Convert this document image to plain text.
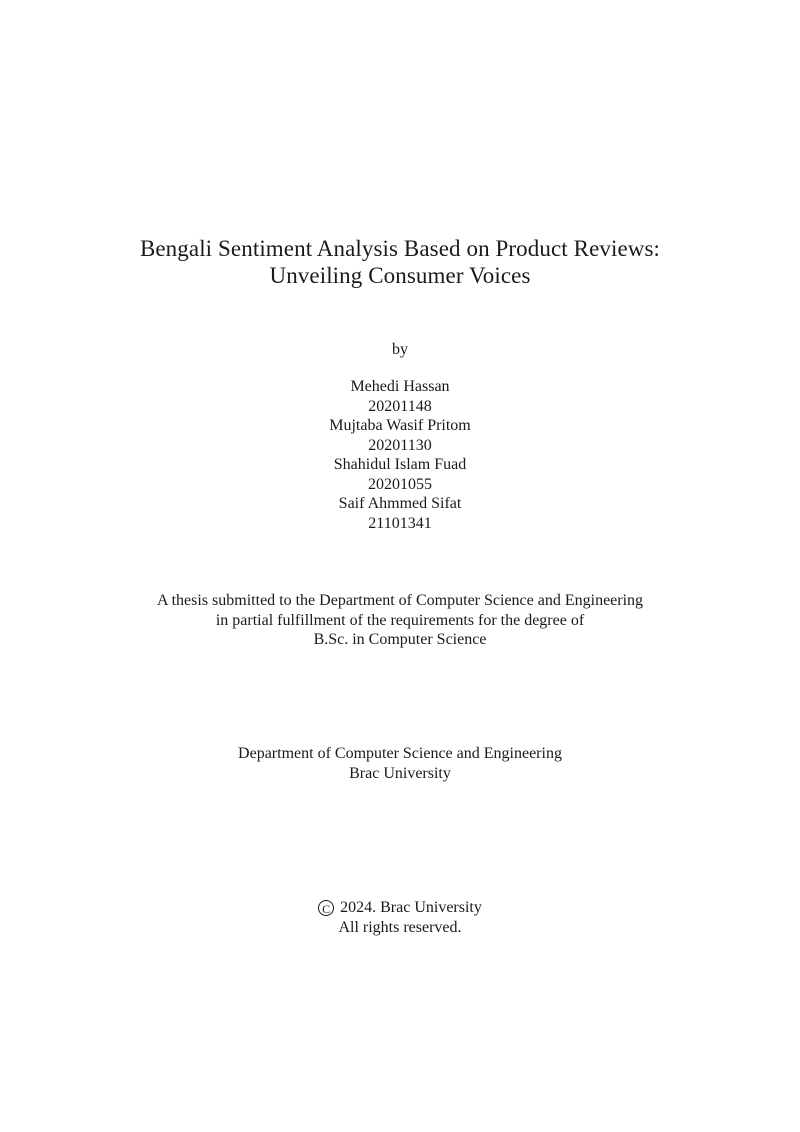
Bengali Sentiment Analysis Based on Product Reviews:
Unveiling Consumer Voices
by
Mehedi Hassan
20201148
Mujtaba Wasif Pritom
20201130
Shahidul Islam Fuad
20201055
Saif Ahmmed Sifat
21101341
A thesis submitted to the Department of Computer Science and Engineering
in partial fulfillment of the requirements for the degree of
B.Sc. in Computer Science
Department of Computer Science and Engineering
Brac University
C 2024. Brac University
All rights reserved.
